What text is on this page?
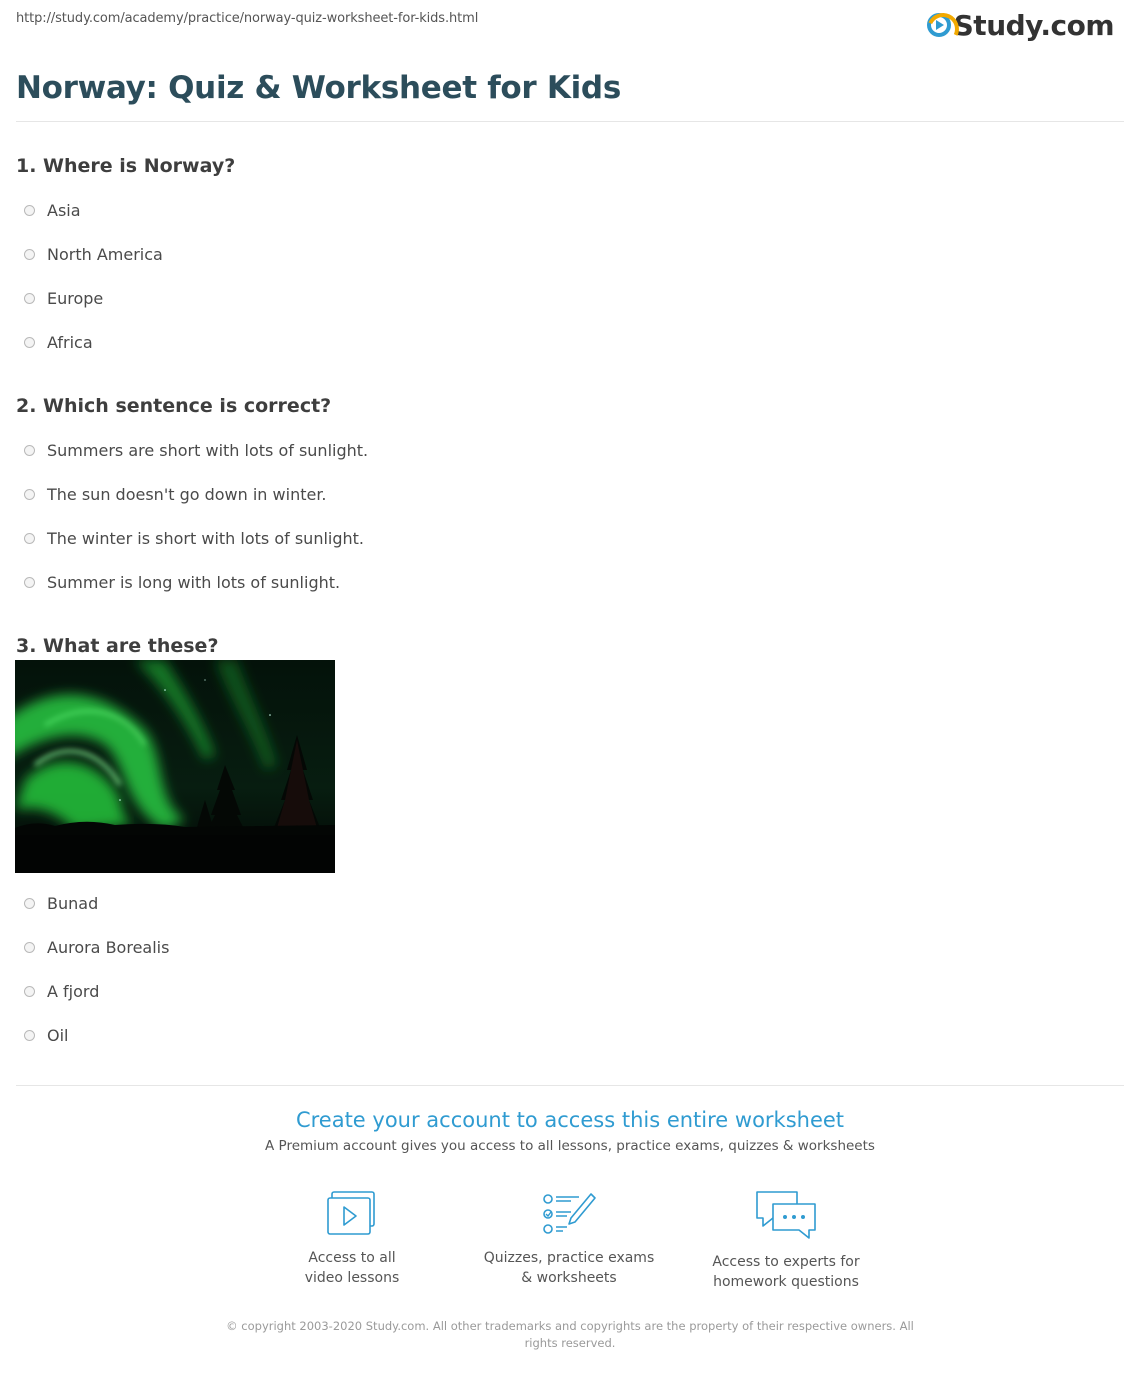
http://study.com/academy/practice/norway-quiz-worksheet-for-kids.html	Study.com
Norway: Quiz & Worksheet for Kids
1. Where is Norway?
Asia
North America
Europe
Africa
2. Which sentence is correct?
Summers are short with lots of sunlight.
The sun doesn't go down in winter.
The winter is short with lots of sunlight.
Summer is long with lots of sunlight.
3. What are these?
Bunad
Aurora Borealis
A fjord
Oil
Create your account to access this entire worksheet
A Premium account gives you access to all lessons, practice exams, quizzes & worksheets
Access to all
video lessons
Quizzes, practice exams
& worksheets
Access to experts for
homework questions
© copyright 2003-2020 Study.com. All other trademarks and copyrights are the property of their respective owners. All rights reserved.
